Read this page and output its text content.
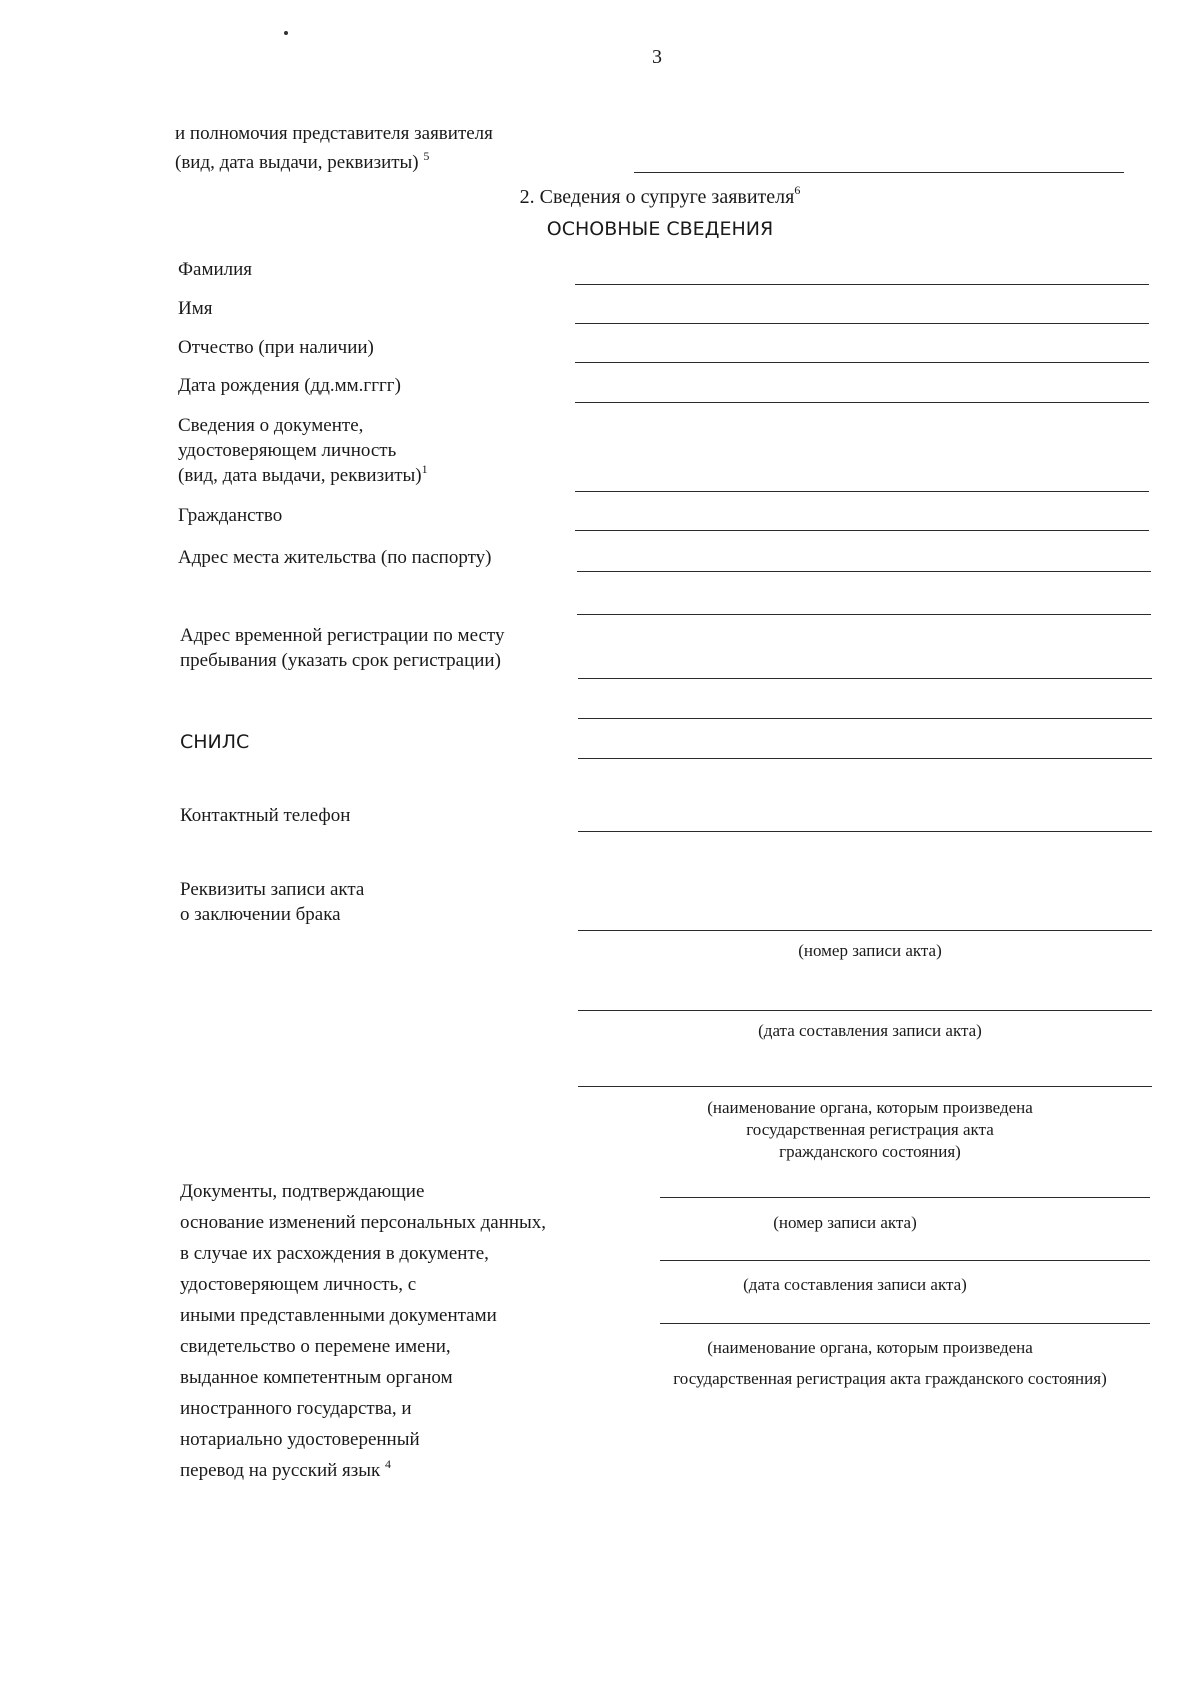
3
и полномочия представителя заявителя
(вид, дата выдачи, реквизиты) $^5$
2. Сведения о супруге заявителя$^6$
ОСНОВНЫЕ СВЕДЕНИЯ
Фамилия
Имя
Отчество (при наличии)
Дата рождения (дд.мм.гггг)
Сведения о документе,
удостоверяющем личность
(вид, дата выдачи, реквизиты)$^1$
Гражданство
Адрес места жительства (по паспорту)
Адрес временной регистрации по месту
пребывания (указать срок регистрации)
СНИЛС
Контактный телефон
Реквизиты записи акта
о заключении брака
(номер записи акта)
(дата составления записи акта)
(наименование органа, которым произведена
государственная регистрация акта
гражданского состояния)
Документы, подтверждающие
основание изменений персональных данных,
в случае их расхождения в документе,
удостоверяющем личность, с
иными представленными документами
свидетельство о перемене имени,
выданное компетентным органом
иностранного государства, и
нотариально удостоверенный
перевод на русский язык $^4$
(номер записи акта)
(дата составления записи акта)
(наименование органа, которым произведена
государственная регистрация акта гражданского состояния)
